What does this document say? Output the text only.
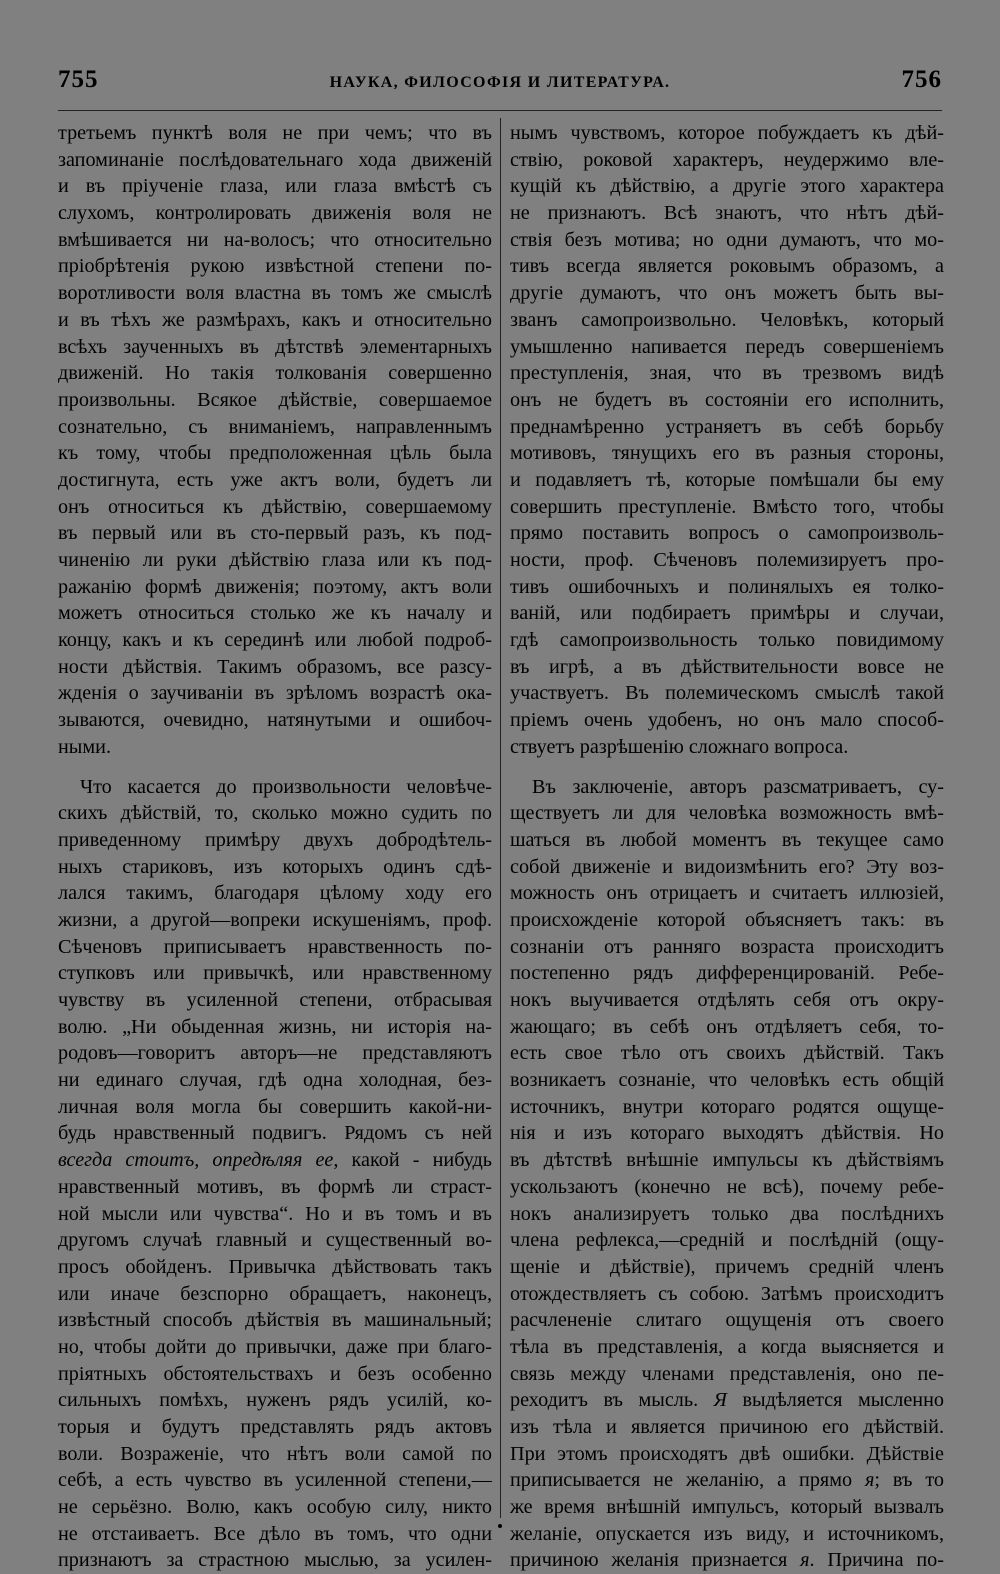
755	НАУКА, ФИЛОСОФІЯ И ЛИТЕРАТУРА.	756
третьемъ пунктѣ воля не при чемъ; что въ
запоминаніе послѣдовательнаго хода движеній
и въ пріученіе глаза, или глаза вмѣстѣ съ
слухомъ, контролировать движенія воля не
вмѣшивается ни на-волосъ; что относительно
пріобрѣтенія рукою извѣстной степени по-
воротливости воля властна въ томъ же смыслѣ
и въ тѣхъ же размѣрахъ, какъ и относительно
всѣхъ заученныхъ въ дѣтствѣ элементарныхъ
движеній. Но такія толкованія совершенно
произвольны. Всякое дѣйствіе, совершаемое
сознательно, съ вниманіемъ, направленнымъ
къ тому, чтобы предположенная цѣль была
достигнута, есть уже актъ воли, будетъ ли
онъ относиться къ дѣйствію, совершаемому
въ первый или въ сто-первый разъ, къ под-
чиненію ли руки дѣйствію глаза или къ под-
ражанію формѣ движенія; поэтому, актъ воли
можетъ относиться столько же къ началу и
концу, какъ и къ серединѣ или любой подроб-
ности дѣйствія. Такимъ образомъ, все разсу-
жденія о заучиваніи въ зрѣломъ возрастѣ ока-
зываются, очевидно, натянутыми и ошибоч-
ными.
Что касается до произвольности человѣче-
скихъ дѣйствій, то, сколько можно судить по
приведенному примѣру двухъ добродѣтель-
ныхъ стариковъ, изъ которыхъ одинъ сдѣ-
лался такимъ, благодаря цѣлому ходу его
жизни, а другой—вопреки искушеніямъ, проф.
Сѣченовъ приписываетъ нравственность по-
ступковъ или привычкѣ, или нравственному
чувству въ усиленной степени, отбрасывая
волю. „Ни обыденная жизнь, ни исторія на-
родовъ—говоритъ авторъ—не представляютъ
ни единаго случая, гдѣ одна холодная, без-
личная воля могла бы совершить какой-ни-
будь нравственный подвигъ. Рядомъ съ ней
всегда стоитъ, опредѣляя ее, какой - нибудь
нравственный мотивъ, въ формѣ ли страст-
ной мысли или чувства“. Но и въ томъ и въ
другомъ случаѣ главный и существенный во-
просъ обойденъ. Привычка дѣйствовать такъ
или иначе безспорно обращаетъ, наконецъ,
извѣстный способъ дѣйствія въ машинальный;
но, чтобы дойти до привычки, даже при благо-
пріятныхъ обстоятельствахъ и безъ особенно
сильныхъ помѣхъ, нуженъ рядъ усилій, ко-
торыя и будутъ представлять рядъ актовъ
воли. Возраженіе, что нѣтъ воли самой по
себѣ, а есть чувство въ усиленной степени,—
не серьёзно. Волю, какъ особую силу, никто
не отстаиваетъ. Все дѣло въ томъ, что одни
признаютъ за страстною мыслью, за усилен-
нымъ чувствомъ, которое побуждаетъ къ дѣй-
ствію, роковой характеръ, неудержимо вле-
кущій къ дѣйствію, а другіе этого характера
не признаютъ. Всѣ знаютъ, что нѣтъ дѣй-
ствія безъ мотива; но одни думаютъ, что мо-
тивъ всегда является роковымъ образомъ, а
другіе думаютъ, что онъ можетъ быть вы-
званъ самопроизвольно. Человѣкъ, который
умышленно напивается передъ совершеніемъ
преступленія, зная, что въ трезвомъ видѣ
онъ не будетъ въ состояніи его исполнить,
преднамѣренно устраняетъ въ себѣ борьбу
мотивовъ, тянущихъ его въ разныя стороны,
и подавляетъ тѣ, которые помѣшали бы ему
совершить преступленіе. Вмѣсто того, чтобы
прямо поставить вопросъ о самопроизволь-
ности, проф. Сѣченовъ полемизируетъ про-
тивъ ошибочныхъ и полинялыхъ ея толко-
ваній, или подбираетъ примѣры и случаи,
гдѣ самопроизвольность только повидимому
въ игрѣ, а въ дѣйствительности вовсе не
участвуетъ. Въ полемическомъ смыслѣ такой
пріемъ очень удобенъ, но онъ мало способ-
ствуетъ разрѣшенію сложнаго вопроса.
Въ заключеніе, авторъ разсматриваетъ, су-
ществуетъ ли для человѣка возможность вмѣ-
шаться въ любой моментъ въ текущее само
собой движеніе и видоизмѣнить его? Эту воз-
можность онъ отрицаетъ и считаетъ иллюзіей,
происхожденіе которой объясняетъ такъ: въ
сознаніи отъ ранняго возраста происходитъ
постепенно рядъ дифференцированій. Ребе-
нокъ выучивается отдѣлять себя отъ окру-
жающаго; въ себѣ онъ отдѣляетъ себя, то-
есть свое тѣло отъ своихъ дѣйствій. Такъ
возникаетъ сознаніе, что человѣкъ есть общій
источникъ, внутри котораго родятся ощуще-
нія и изъ котораго выходятъ дѣйствія. Но
въ дѣтствѣ внѣшніе импульсы къ дѣйствіямъ
ускользаютъ (конечно не всѣ), почему ребе-
нокъ анализируетъ только два послѣднихъ
члена рефлекса,—средній и послѣдній (ощу-
щеніе и дѣйствіе), причемъ средній членъ
отождествляетъ съ собою. Затѣмъ происходитъ
расчлененіе слитаго ощущенія отъ своего
тѣла въ представленія, а когда выясняется и
связь между членами представленія, оно пе-
реходитъ въ мысль. Я выдѣляется мысленно
изъ тѣла и является причиною его дѣйствій.
При этомъ происходятъ двѣ ошибки. Дѣйствіе
приписывается не желанію, а прямо я; въ то
же время внѣшній импульсъ, который вызвалъ
желаніе, опускается изъ виду, и источникомъ,
причиною желанія признается я. Причина по-
